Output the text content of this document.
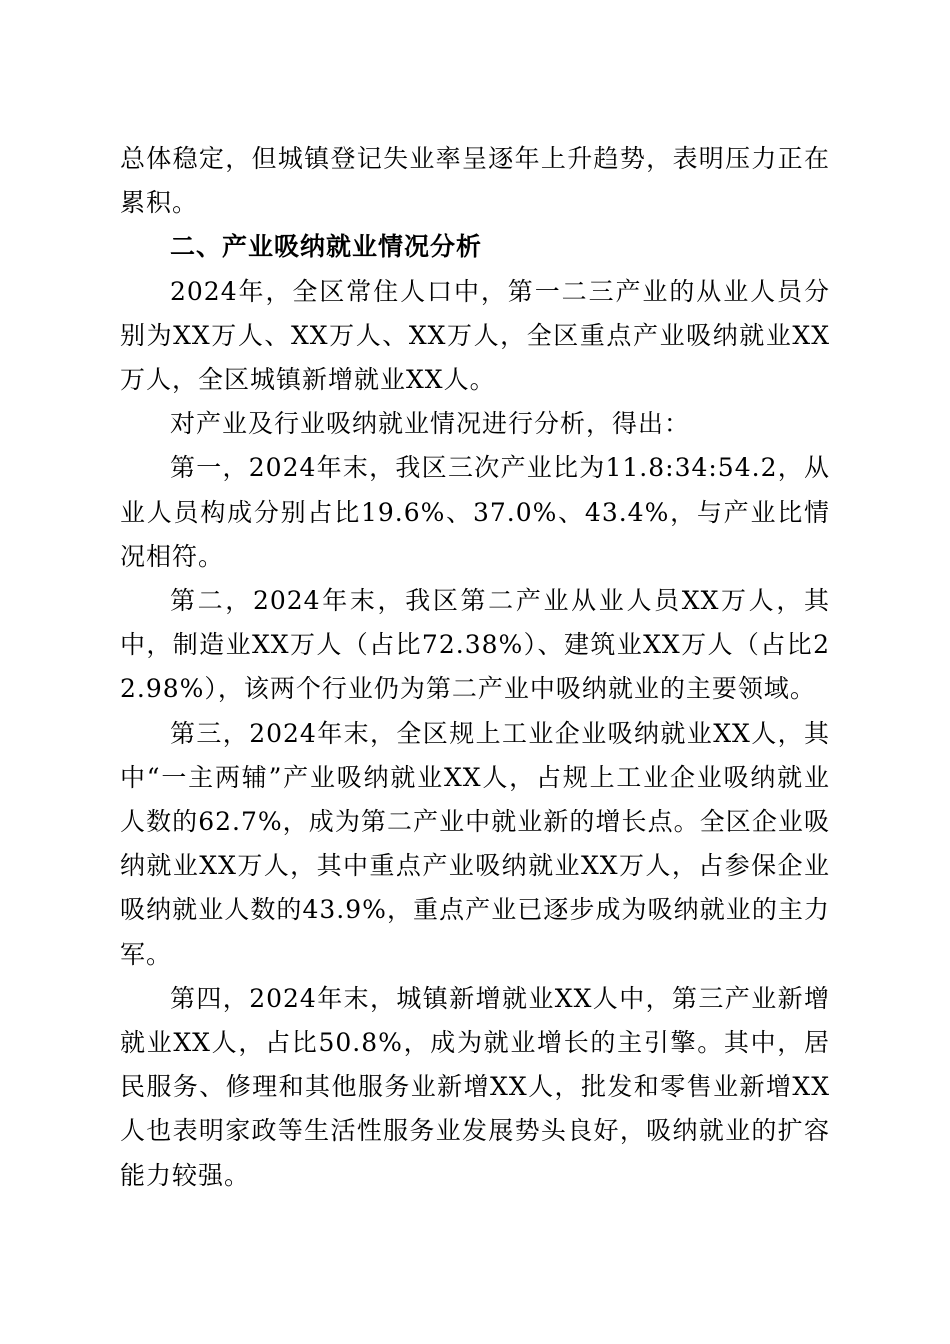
总体稳定，但城镇登记失业率呈逐年上升趋势，表明压力正在累积。

二、产业吸纳就业情况分析

2024年，全区常住人口中，第一二三产业的从业人员分别为XX万人、XX万人、XX万人，全区重点产业吸纳就业XX万人，全区城镇新增就业XX人。

对产业及行业吸纳就业情况进行分析，得出：

第一，2024年末，我区三次产业比为11.8:34:54.2，从业人员构成分别占比19.6%、37.0%、43.4%，与产业比情况相符。

第二，2024年末，我区第二产业从业人员XX万人，其中，制造业XX万人（占比72.38%）、建筑业XX万人（占比22.98%），该两个行业仍为第二产业中吸纳就业的主要领域。

第三，2024年末，全区规上工业企业吸纳就业XX人，其中“一主两辅”产业吸纳就业XX人，占规上工业企业吸纳就业人数的62.7%，成为第二产业中就业新的增长点。全区企业吸纳就业XX万人，其中重点产业吸纳就业XX万人，占参保企业吸纳就业人数的43.9%，重点产业已逐步成为吸纳就业的主力军。

第四，2024年末，城镇新增就业XX人中，第三产业新增就业XX人，占比50.8%，成为就业增长的主引擎。其中，居民服务、修理和其他服务业新增XX人，批发和零售业新增XX人也表明家政等生活性服务业发展势头良好，吸纳就业的扩容能力较强。
